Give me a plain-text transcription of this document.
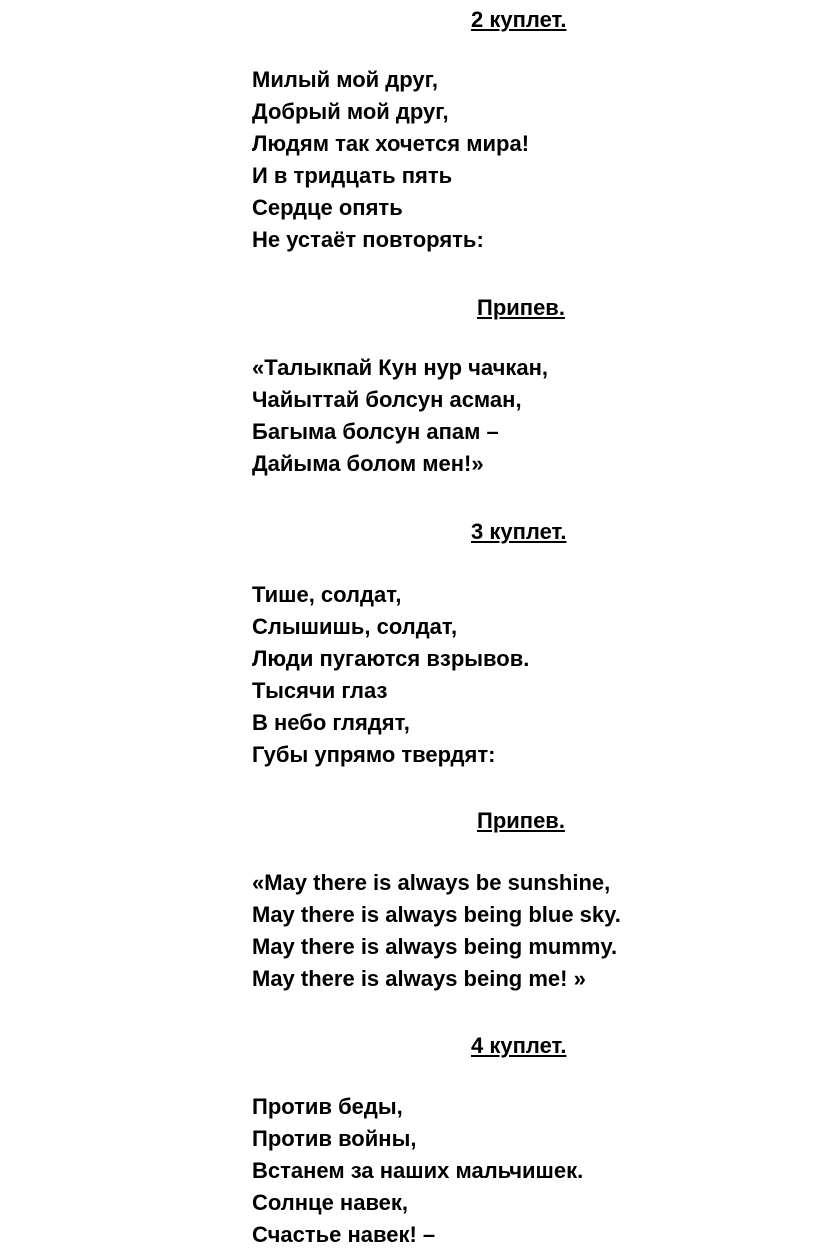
2 куплет.
Милый мой друг,
Добрый мой друг,
Людям так хочется мира!
И в тридцать пять
Сердце опять
Не устаёт повторять:
Припев.
«Талыкпай Кун нур чачкан,
Чайыттай болсун асман,
Багыма болсун апам –
Дайыма болом мен!»
3 куплет.
Тише, солдат,
Слышишь, солдат,
Люди пугаются взрывов.
Тысячи глаз
В небо глядят,
Губы упрямо твердят:
Припев.
«May there is always be sunshine,
May there is always being blue sky.
May there is always being mummy.
May there is always being me! »
4 куплет.
Против беды,
Против войны,
Встанем за наших мальчишек.
Солнце навек,
Счастье навек! –
